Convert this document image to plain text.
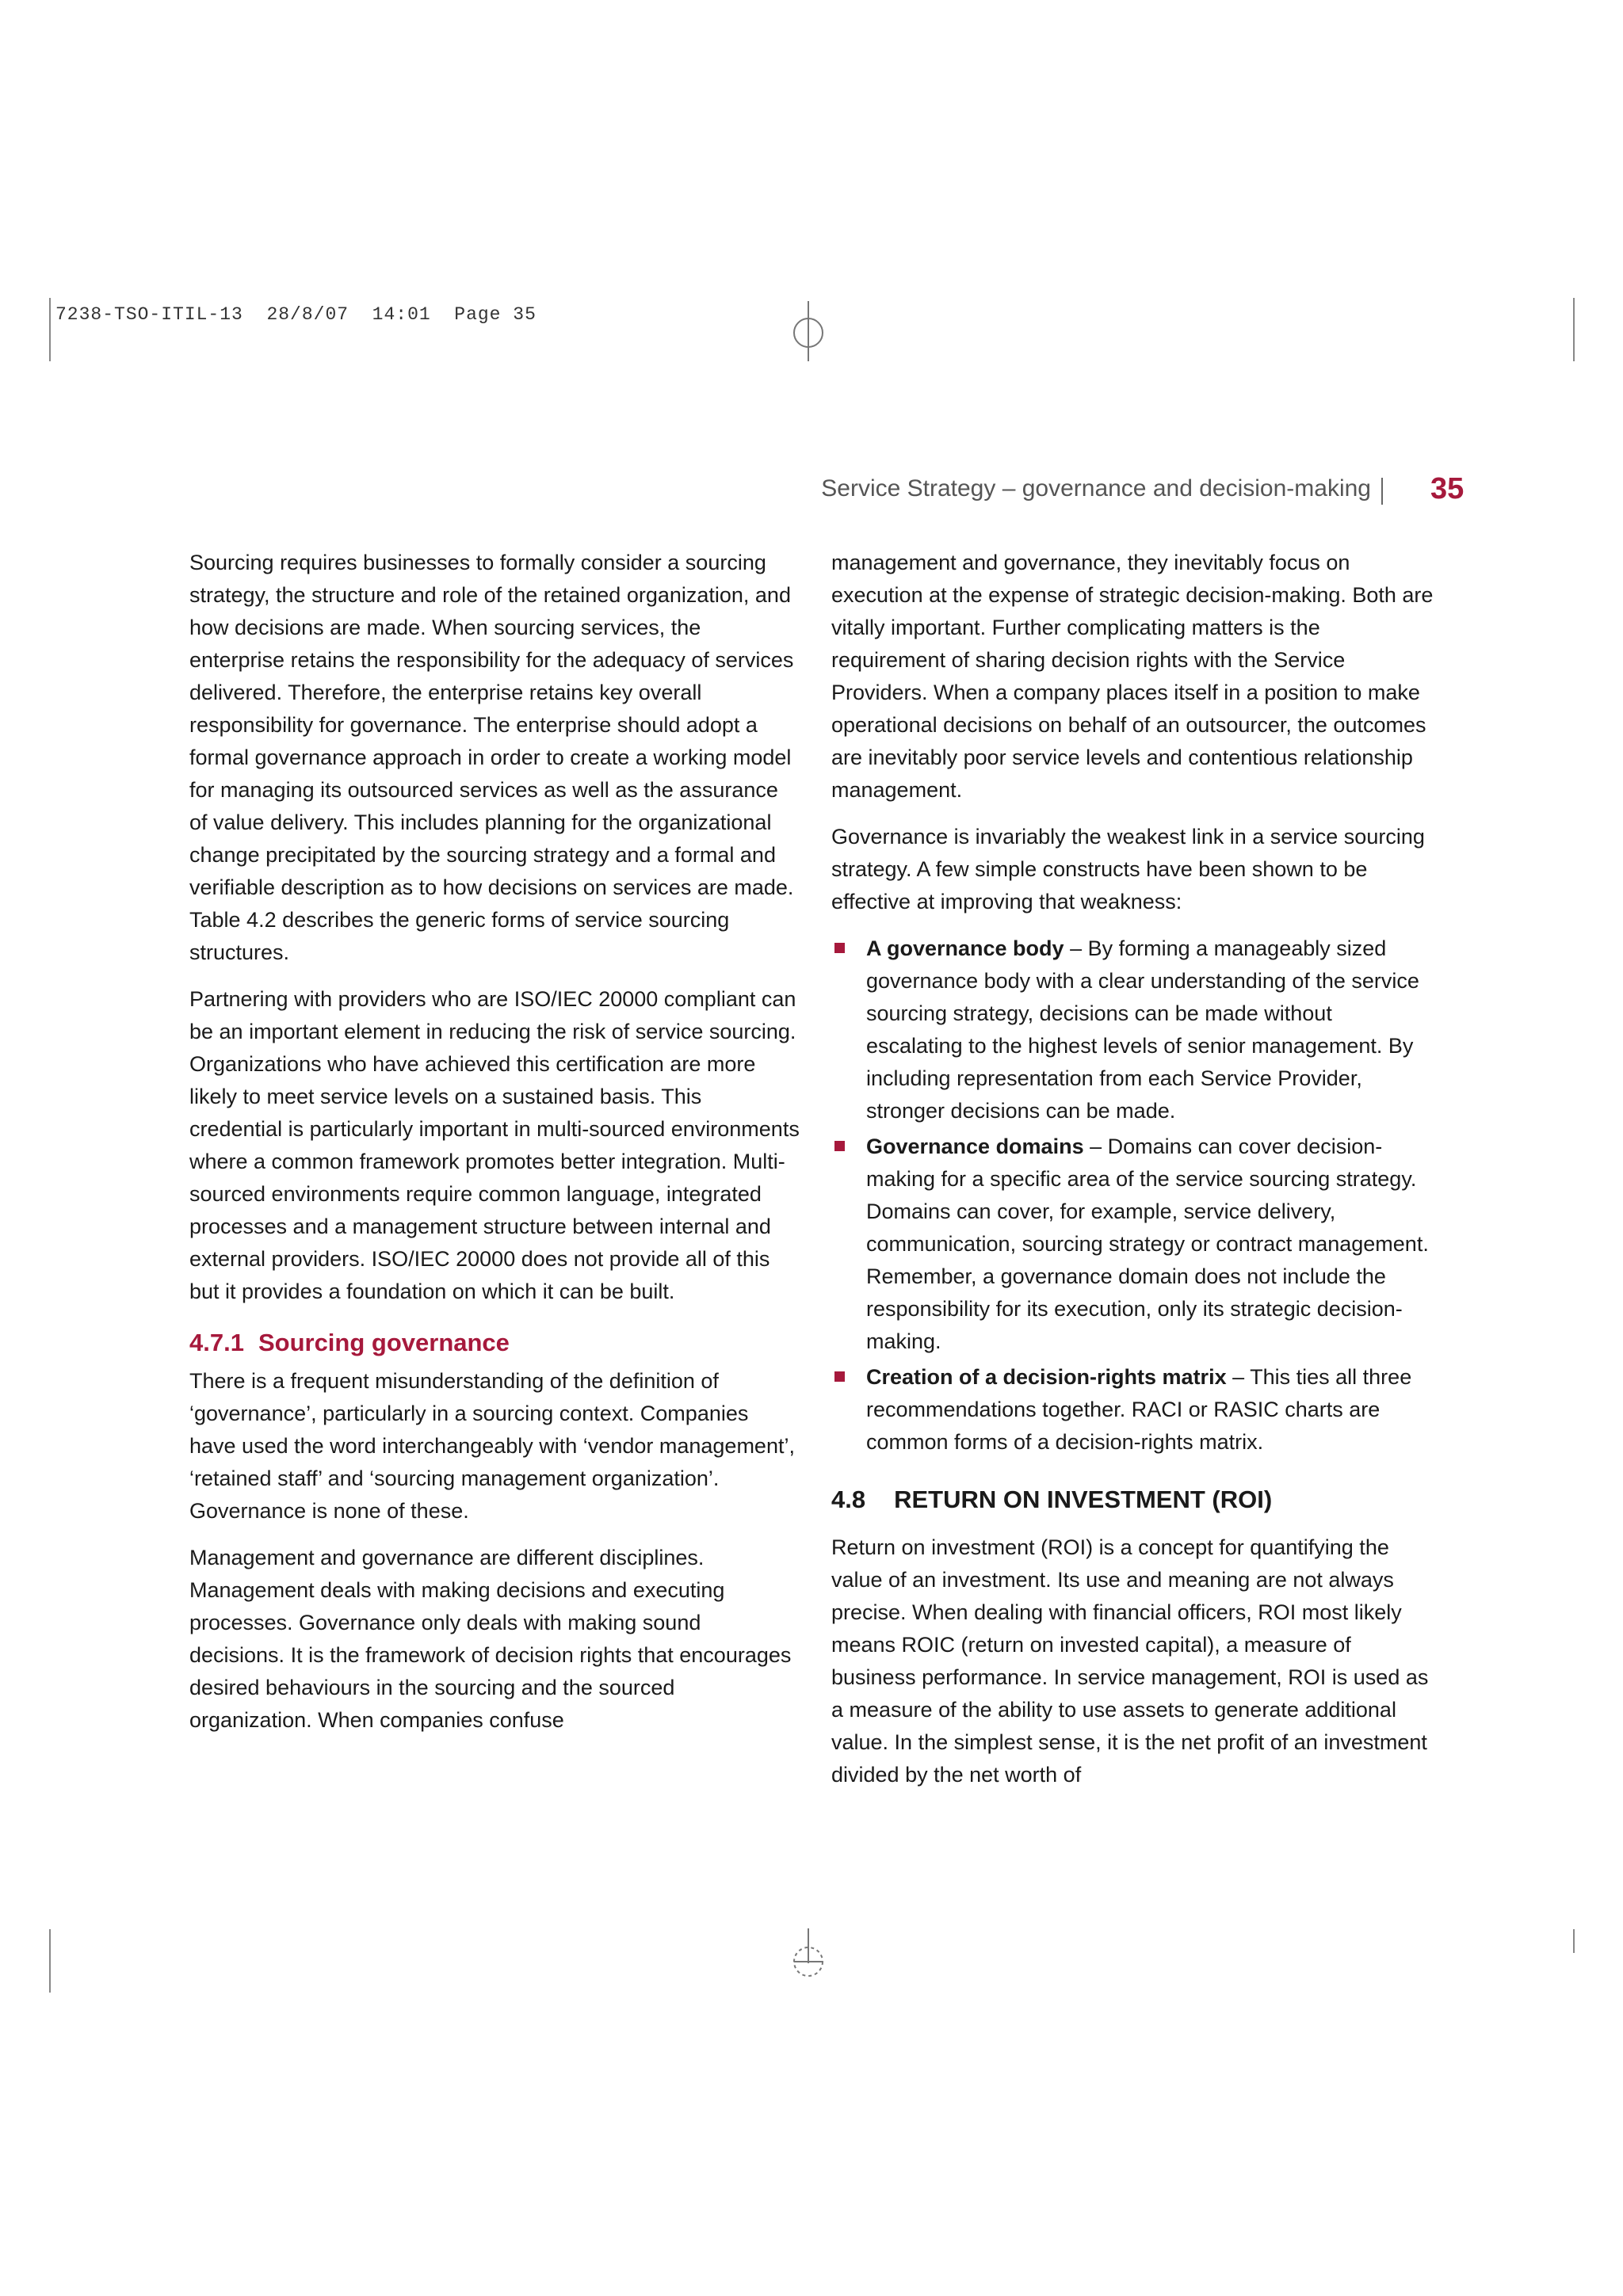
7238-TSO-ITIL-13  28/8/07  14:01  Page 35
Service Strategy – governance and decision-making 35

Sourcing requires businesses to formally consider a sourcing strategy, the structure and role of the retained organization, and how decisions are made. When sourcing services, the enterprise retains the responsibility for the adequacy of services delivered. Therefore, the enterprise retains key overall responsibility for governance. The enterprise should adopt a formal governance approach in order to create a working model for managing its outsourced services as well as the assurance of value delivery. This includes planning for the organizational change precipitated by the sourcing strategy and a formal and verifiable description as to how decisions on services are made. Table 4.2 describes the generic forms of service sourcing structures.

Partnering with providers who are ISO/IEC 20000 compliant can be an important element in reducing the risk of service sourcing. Organizations who have achieved this certification are more likely to meet service levels on a sustained basis. This credential is particularly important in multi-sourced environments where a common framework promotes better integration. Multi-sourced environments require common language, integrated processes and a management structure between internal and external providers. ISO/IEC 20000 does not provide all of this but it provides a foundation on which it can be built.

4.7.1 Sourcing governance

There is a frequent misunderstanding of the definition of ‘governance’, particularly in a sourcing context. Companies have used the word interchangeably with ‘vendor management’, ‘retained staff’ and ‘sourcing management organization’. Governance is none of these.

Management and governance are different disciplines. Management deals with making decisions and executing processes. Governance only deals with making sound decisions. It is the framework of decision rights that encourages desired behaviours in the sourcing and the sourced organization. When companies confuse

management and governance, they inevitably focus on execution at the expense of strategic decision-making. Both are vitally important. Further complicating matters is the requirement of sharing decision rights with the Service Providers. When a company places itself in a position to make operational decisions on behalf of an outsourcer, the outcomes are inevitably poor service levels and contentious relationship management.

Governance is invariably the weakest link in a service sourcing strategy. A few simple constructs have been shown to be effective at improving that weakness:

A governance body – By forming a manageably sized governance body with a clear understanding of the service sourcing strategy, decisions can be made without escalating to the highest levels of senior management. By including representation from each Service Provider, stronger decisions can be made.
Governance domains – Domains can cover decision-making for a specific area of the service sourcing strategy. Domains can cover, for example, service delivery, communication, sourcing strategy or contract management. Remember, a governance domain does not include the responsibility for its execution, only its strategic decision-making.
Creation of a decision-rights matrix – This ties all three recommendations together. RACI or RASIC charts are common forms of a decision-rights matrix.
4.8 RETURN ON INVESTMENT (ROI)

Return on investment (ROI) is a concept for quantifying the value of an investment. Its use and meaning are not always precise. When dealing with financial officers, ROI most likely means ROIC (return on invested capital), a measure of business performance. In service management, ROI is used as a measure of the ability to use assets to generate additional value. In the simplest sense, it is the net profit of an investment divided by the net worth of
